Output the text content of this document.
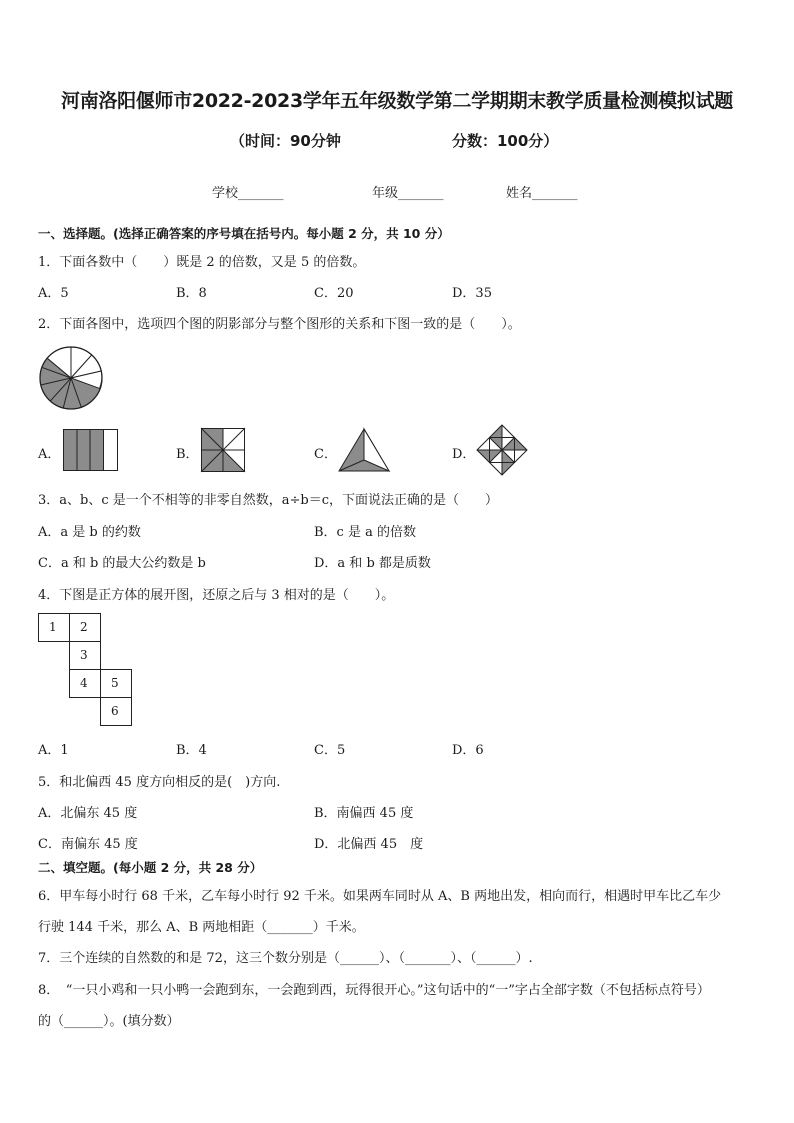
河南洛阳偃师市2022-2023学年五年级数学第二学期期末教学质量检测模拟试题
（时间：90分钟	分数：100分）
学校_______	年级_______	姓名_______
一、选择题。(选择正确答案的序号填在括号内。每小题 2 分，共 10 分）
1．下面各数中（　　）既是 2 的倍数，又是 5 的倍数。
A．5	B．8	C．20	D．35
2．下面各图中，选项四个图的阴影部分与整个图形的关系和下图一致的是（　　）。
A．	B．	C．	D．
3．a、b、c 是一个不相等的非零自然数，a÷b＝c，下面说法正确的是（　　）
A．a 是 b 的约数	B．c 是 a 的倍数
C．a 和 b 的最大公约数是 b	D．a 和 b 都是质数
4．下图是正方体的展开图，还原之后与 3 相对的是（　　）。
1	2
3
4	5
6
A．1	B．4	C．5	D．6
5．和北偏西 45 度方向相反的是(　)方向.
A．北偏东 45 度	B．南偏西 45 度
C．南偏东 45 度	D．北偏西 45　度
二、填空题。(每小题 2 分，共 28 分）
6．甲车每小时行 68 千米，乙车每小时行 92 千米。如果两车同时从 A、B 两地出发，相向而行，相遇时甲车比乙车少
行驶 144 千米，那么 A、B 两地相距（_______）千米。
7．三个连续的自然数的和是 72，这三个数分别是（______）、（_______）、（______）.
8．　“一只小鸡和一只小鸭一会跑到东，一会跑到西，玩得很开心。”这句话中的“一”字占全部字数（不包括标点符号）
的（______）。(填分数）
